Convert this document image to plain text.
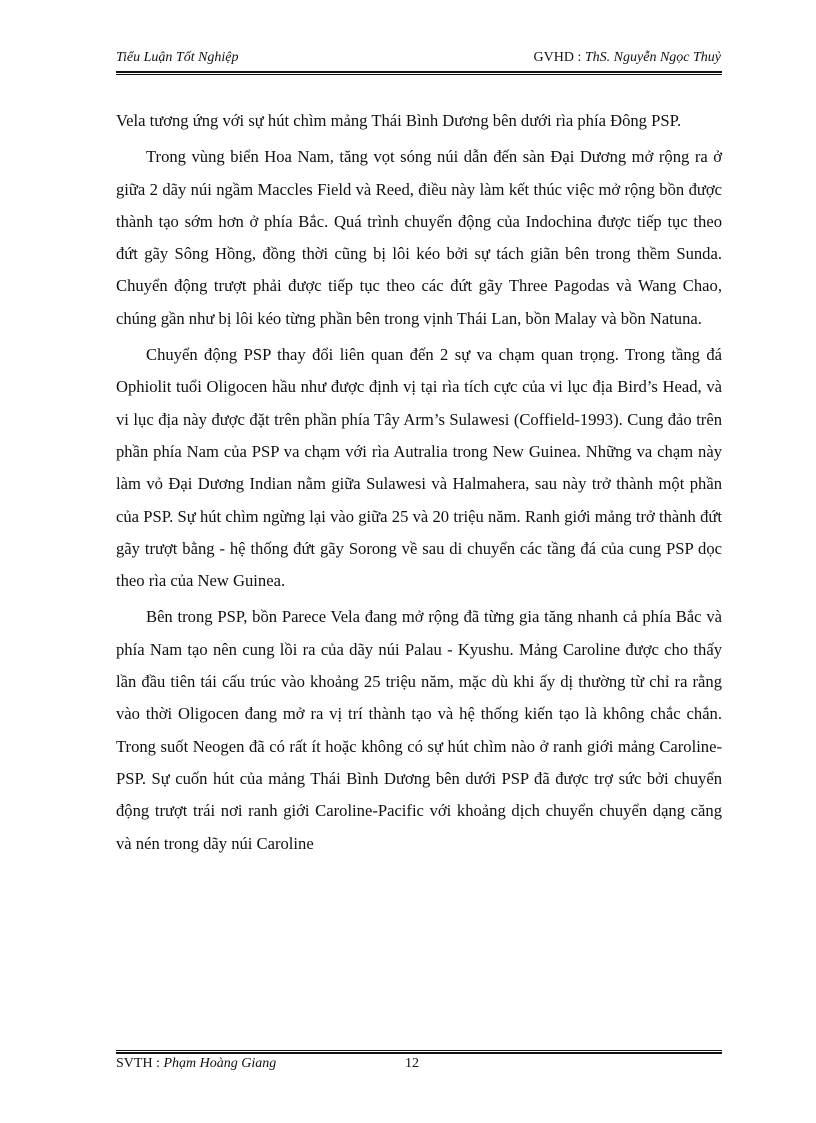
Tiểu Luận Tốt Nghiệp	GVHD : ThS. Nguyễn Ngọc Thuỷ

Vela tương ứng với sự hút chìm mảng Thái Bình Dương bên dưới rìa phía Đông PSP.

Trong vùng biển Hoa Nam, tăng vọt sóng núi dẫn đến sàn Đại Dương mở rộng ra ở giữa 2 dãy núi ngầm Maccles Field và Reed, điều này làm kết thúc việc mở rộng bồn được thành tạo sớm hơn ở phía Bắc. Quá trình chuyển động của Indochina được tiếp tục theo đứt gãy Sông Hồng, đồng thời cũng bị lôi kéo bởi sự tách giãn bên trong thềm Sunda. Chuyển động trượt phải được tiếp tục theo các đứt gãy Three Pagodas và Wang Chao, chúng gần như bị lôi kéo từng phần bên trong vịnh Thái Lan, bồn Malay và bồn Natuna.

Chuyển động PSP thay đổi liên quan đến 2 sự va chạm quan trọng. Trong tầng đá Ophiolit tuổi Oligocen hầu như được định vị tại rìa tích cực của vi lục địa Bird’s Head, và vi lục địa này được đặt trên phần phía Tây Arm’s Sulawesi (Coffield-1993). Cung đảo trên phần phía Nam của PSP va chạm với rìa Autralia trong New Guinea. Những va chạm này làm vỏ Đại Dương Indian nằm giữa Sulawesi và Halmahera, sau này trở thành một phần của PSP. Sự hút chìm ngừng lại vào giữa 25 và 20 triệu năm. Ranh giới mảng trở thành đứt gãy trượt bằng - hệ thống đứt gãy Sorong về sau di chuyển các tầng đá của cung PSP dọc theo rìa của New Guinea.

Bên trong PSP, bồn Parece Vela đang mở rộng đã từng gia tăng nhanh cả phía Bắc và phía Nam tạo nên cung lồi ra của dãy núi Palau - Kyushu. Mảng Caroline được cho thấy lần đầu tiên tái cấu trúc vào khoảng 25 triệu năm, mặc dù khi ấy dị thường từ chỉ ra rằng vào thời Oligocen đang mở ra vị trí thành tạo và hệ thống kiến tạo là không chắc chắn. Trong suốt Neogen đã có rất ít hoặc không có sự hút chìm nào ở ranh giới mảng Caroline-PSP. Sự cuốn hút của mảng Thái Bình Dương bên dưới PSP đã được trợ sức bởi chuyển động trượt trái nơi ranh giới Caroline-Pacific với khoảng dịch chuyển chuyển dạng căng và nén trong dãy núi Caroline

SVTH : Phạm Hoàng Giang	12
